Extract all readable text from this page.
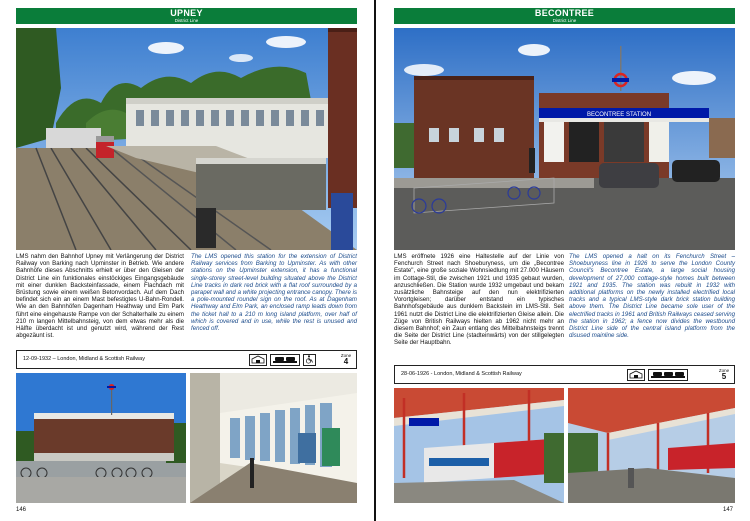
UPNEY
District Line
LMS nahm den Bahnhof Upney mit Verlängerung der District Railway von Barking nach Upminster in Betrieb. Wie andere Bahnhöfe dieses Abschnitts erhielt er über den Gleisen der District Line ein funktionales einstöckiges Eingangsgebäude mit einer dunklen Backsteinfassade, einem Flachdach mit Brüstung sowie einem weißen Betonvordach. Auf dem Dach befindet sich ein an einem Mast befestigtes U-Bahn-Rondell. Wie an den Bahnhöfen Dagenham Heathway und Elm Park führt eine eingehauste Rampe von der Schalterhalle zu einem 210 m langen Mittelbahnsteig, von dem etwas mehr als die Hälfte überdacht ist und genutzt wird, während der Rest abgezäunt ist.
The LMS opened this station for the extension of District Railway services from Barking to Upminster. As with other stations on the Upminster extension, it has a functional single-storey street-level building situated above the District Line tracks in dark red brick with a flat roof surrounded by a parapet wall and a white projecting entrance canopy. There is a pole-mounted roundel sign on the roof. As at Dagenham Heathway and Elm Park, an enclosed ramp leads down from the ticket hall to a 210 m long island platform, over half of which is covered and in use, while the rest is unused and fenced off.
12-09-1932 – London, Midland & Scottish Railway
Zone
4
146
BECONTREE
District Line
BECONTREE STATION
LMS eröffnete 1926 eine Haltestelle auf der Linie von Fenchurch Street nach Shoeburyness, um die „Becontree Estate", eine große soziale Wohnsiedlung mit 27.000 Häusern im Cottage-Stil, die zwischen 1921 und 1935 gebaut wurden, anzuschließen. Die Station wurde 1932 umgebaut und bekam zusätzliche Bahnsteige auf den nun elektrifizierten Vorortgleisen; darüber entstand ein typisches Bahnhofsgebäude aus dunklem Backstein im LMS-Stil. Seit 1961 nutzt die District Line die elektrifizierten Gleise allein. Die Züge von British Railways hielten ab 1962 nicht mehr an diesem Bahnhof; ein Zaun entlang des Mittelbahnsteigs trennt die Seite der District Line (stadteinwärts) von der stillgelegten Seite der Hauptbahn.
The LMS opened a halt on its Fenchurch Street – Shoeburyness line in 1926 to serve the London County Council's Becontree Estate, a large social housing development of 27,000 cottage-style homes built between 1921 and 1935. The station was rebuilt in 1932 with additional platforms on the newly installed electrified local tracks and a typical LMS-style dark brick station building above them. The District Line became sole user of the electrified tracks in 1961 and British Railways ceased serving the station in 1962; a fence now divides the westbound District Line side of the central island platform from the disused mainline side.
28-06-1926 - London, Midland & Scottish Railway
Zone
5
147
